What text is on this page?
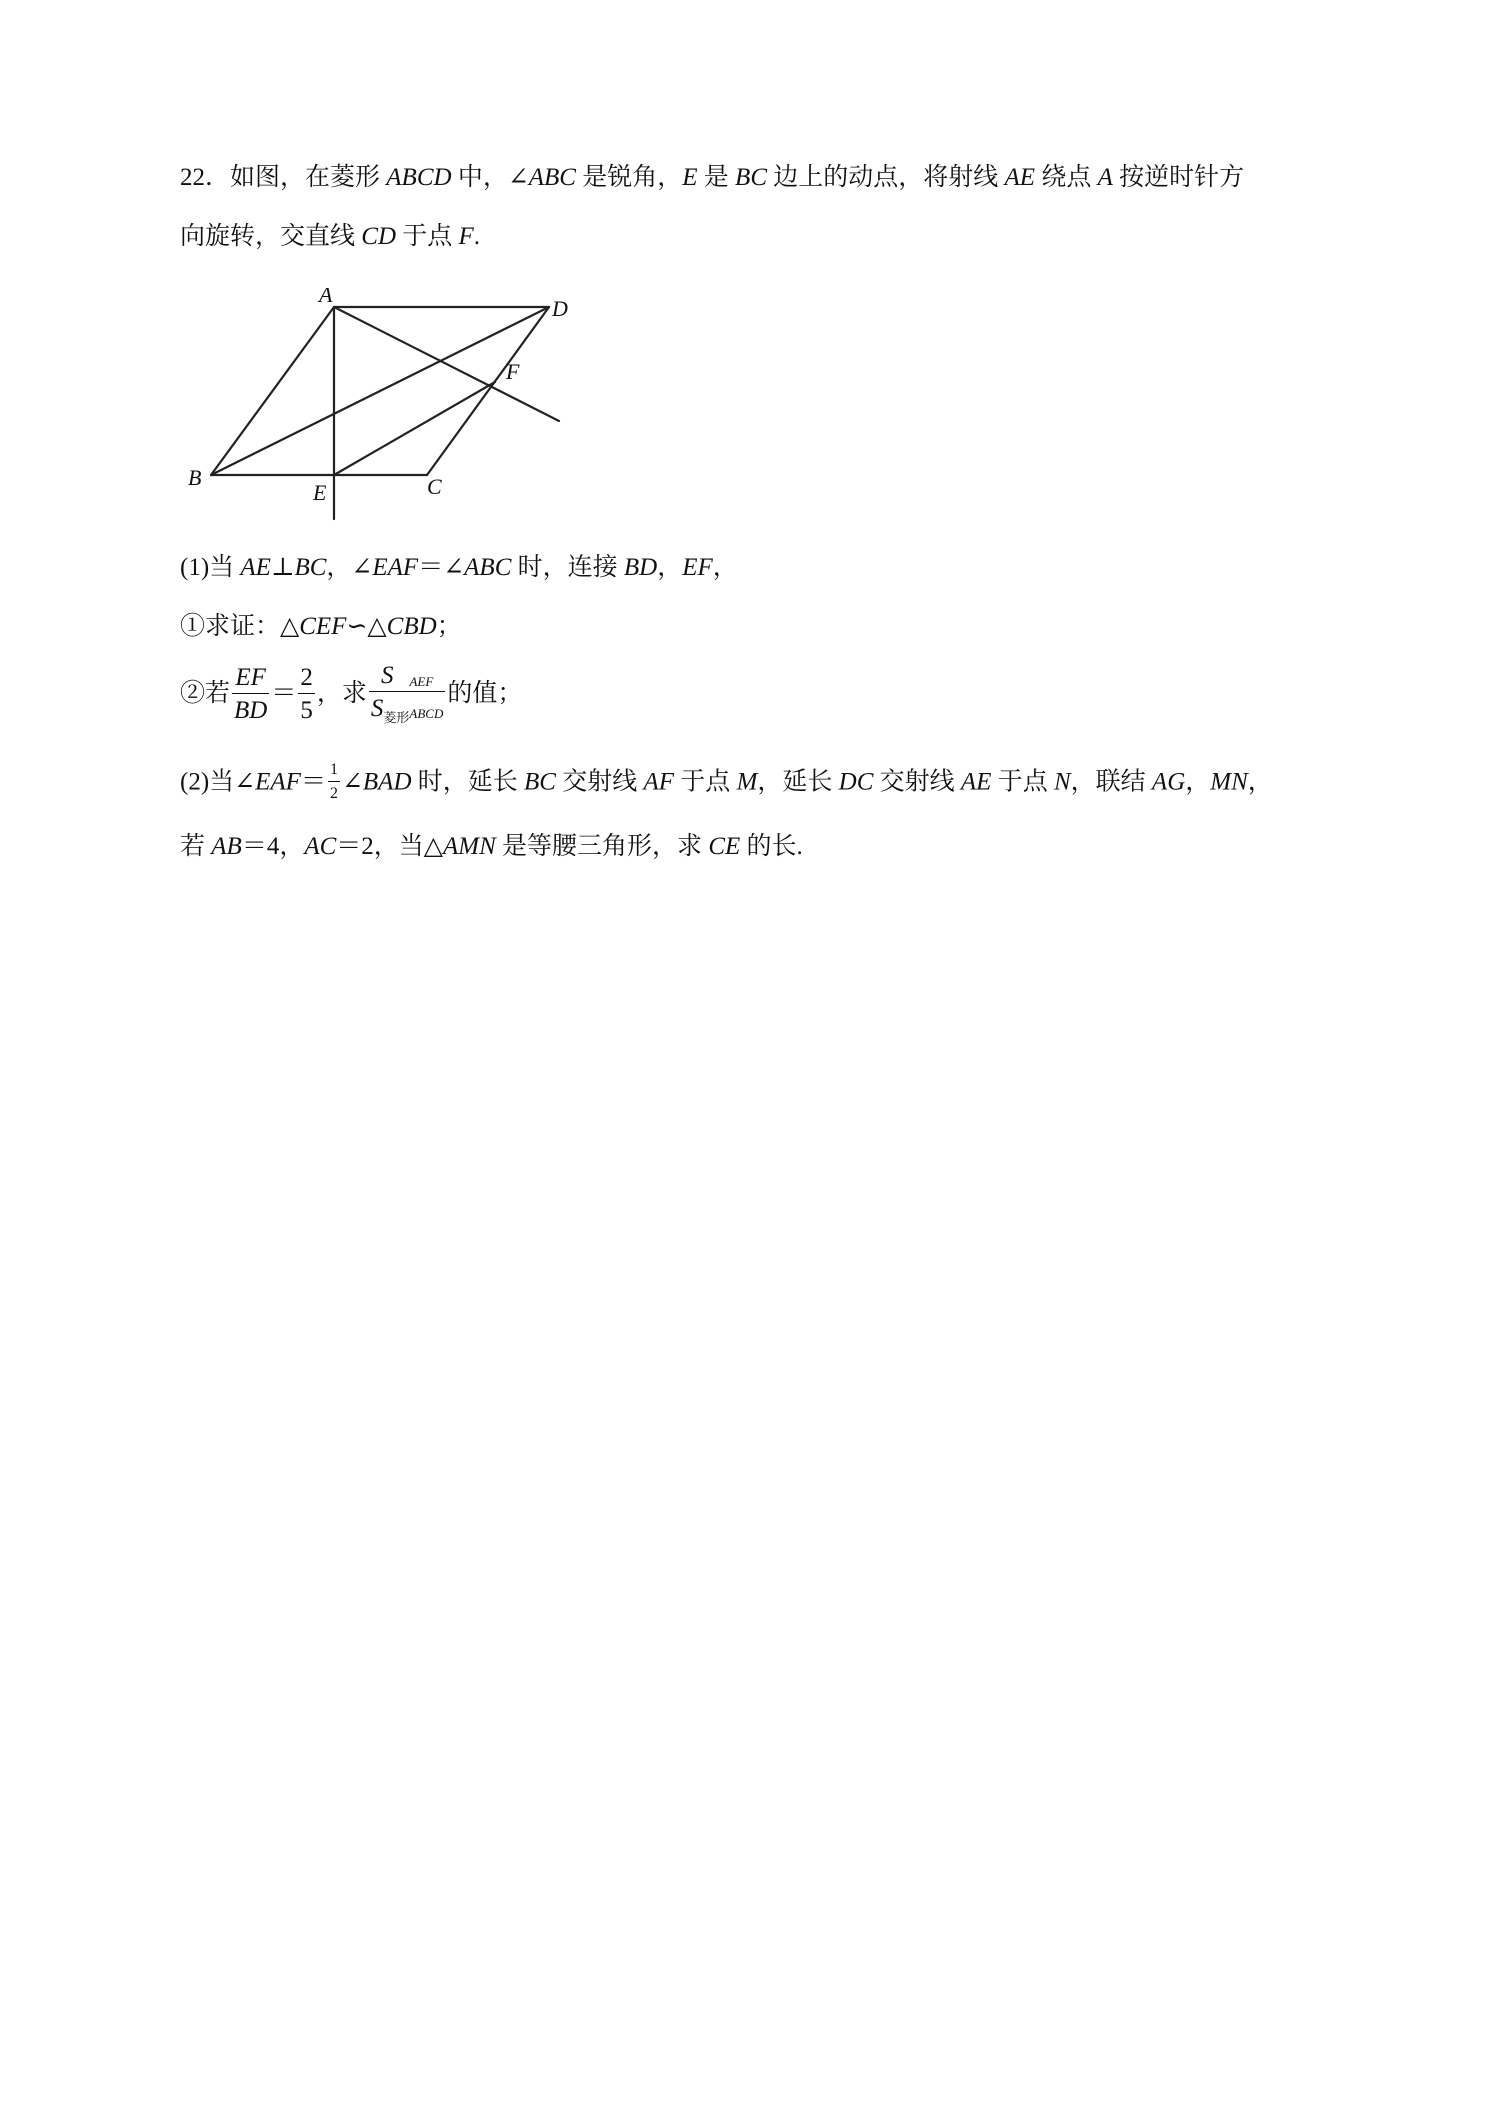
22．如图，在菱形 ABCD 中，∠ABC 是锐角，E 是 BC 边上的动点，将射线 AE 绕点 A 按逆时针方
向旋转，交直线 CD 于点 F.
A
D
F
B
E	C
(1)当 AE⊥BC，∠EAF＝∠ABC 时，连接 BD，EF，
①求证：△CEF∽△CBD；
②若 $\frac{EF}{BD} = \frac{2}{5}$ ，求 $\frac{\text{S AEF}}{S_{菱形}ABCD}$ 的值；
(2)当∠EAF＝ $\frac{1}{2}$ ∠BAD 时，延长 BC 交射线 AF 于点 M，延长 DC 交射线 AE 于点 N，联结 AG，MN，
若 AB＝4，AC＝2，当△AMN 是等腰三角形，求 CE 的长.
